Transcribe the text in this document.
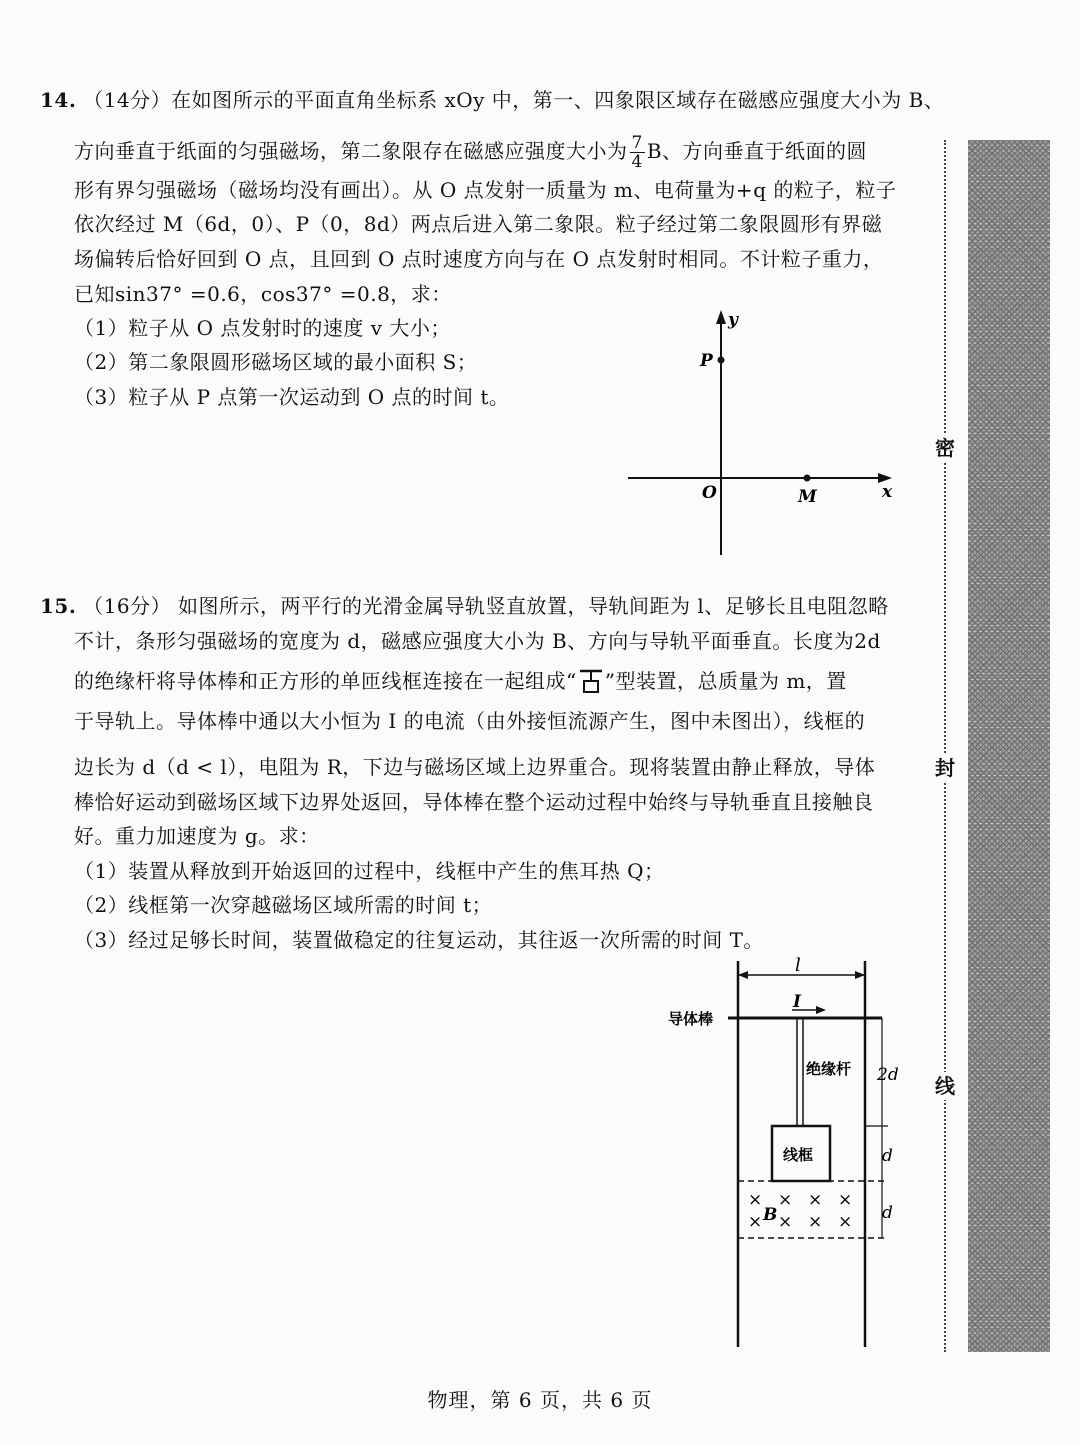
14. （14分）在如图所示的平面直角坐标系 xOy 中，第一、四象限区域存在磁感应强度大小为 B、
方向垂直于纸面的匀强磁场，第二象限存在磁感应强度大小为 $\frac{7}{4}$ B、方向垂直于纸面的圆
形有界匀强磁场（磁场均没有画出）。从 O 点发射一质量为 m、电荷量为+q 的粒子，粒子
依次经过 M（6d，0）、P（0，8d）两点后进入第二象限。粒子经过第二象限圆形有界磁
场偏转后恰好回到 O 点，且回到 O 点时速度方向与在 O 点发射时相同。不计粒子重力，
已知sin37° =0.6，cos37° =0.8，求：
（1）粒子从 O 点发射时的速度 v 大小；
（2）第二象限圆形磁场区域的最小面积 S；
（3）粒子从 P 点第一次运动到 O 点的时间 t。
y
P
O	M	x
15. （16分） 如图所示，两平行的光滑金属导轨竖直放置，导轨间距为 l、足够长且电阻忽略
不计，条形匀强磁场的宽度为 d，磁感应强度大小为 B、方向与导轨平面垂直。长度为2d
的绝缘杆将导体棒和正方形的单匝线框连接在一起组成“ ”型装置，总质量为 m，置
于导轨上。导体棒中通以大小恒为 I 的电流（由外接恒流源产生，图中未图出），线框的
边长为 d（d < l），电阻为 R，下边与磁场区域上边界重合。现将装置由静止释放，导体
棒恰好运动到磁场区域下边界处返回，导体棒在整个运动过程中始终与导轨垂直且接触良
好。重力加速度为 g。求：
（1）装置从释放到开始返回的过程中，线框中产生的焦耳热 Q；
（2）线框第一次穿越磁场区域所需的时间 t；
（3）经过足够长时间，装置做稳定的往复运动，其往返一次所需的时间 T。
l
导体棒
I
绝缘杆
线框
× × × ×
× × × ×
B
2d
d
d
密
封
线
物理，第 6 页，共 6 页
